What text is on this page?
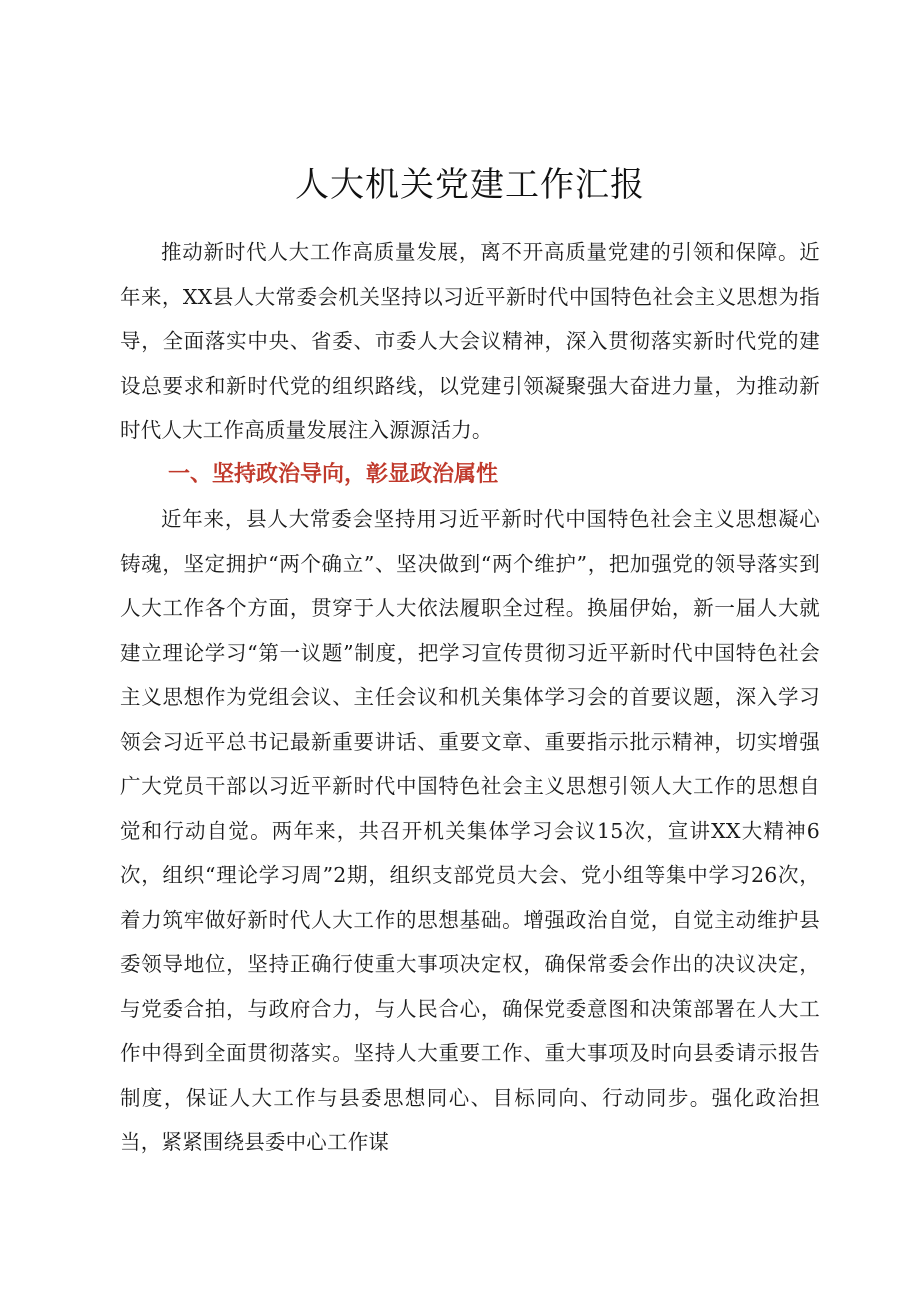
人大机关党建工作汇报

推动新时代人大工作高质量发展，离不开高质量党建的引领和保障。近年来，XX县人大常委会机关坚持以习近平新时代中国特色社会主义思想为指导，全面落实中央、省委、市委人大会议精神，深入贯彻落实新时代党的建设总要求和新时代党的组织路线，以党建引领凝聚强大奋进力量，为推动新时代人大工作高质量发展注入源源活力。

一、坚持政治导向，彰显政治属性

近年来，县人大常委会坚持用习近平新时代中国特色社会主义思想凝心铸魂，坚定拥护“两个确立”、坚决做到“两个维护”，把加强党的领导落实到人大工作各个方面，贯穿于人大依法履职全过程。换届伊始，新一届人大就建立理论学习“第一议题”制度，把学习宣传贯彻习近平新时代中国特色社会主义思想作为党组会议、主任会议和机关集体学习会的首要议题，深入学习领会习近平总书记最新重要讲话、重要文章、重要指示批示精神，切实增强广大党员干部以习近平新时代中国特色社会主义思想引领人大工作的思想自觉和行动自觉。两年来，共召开机关集体学习会议15次，宣讲XX大精神6次，组织“理论学习周”2期，组织支部党员大会、党小组等集中学习26次，着力筑牢做好新时代人大工作的思想基础。增强政治自觉，自觉主动维护县委领导地位，坚持正确行使重大事项决定权，确保常委会作出的决议决定，与党委合拍，与政府合力，与人民合心，确保党委意图和决策部署在人大工作中得到全面贯彻落实。坚持人大重要工作、重大事项及时向县委请示报告制度，保证人大工作与县委思想同心、目标同向、行动同步。强化政治担当，紧紧围绕县委中心工作谋
